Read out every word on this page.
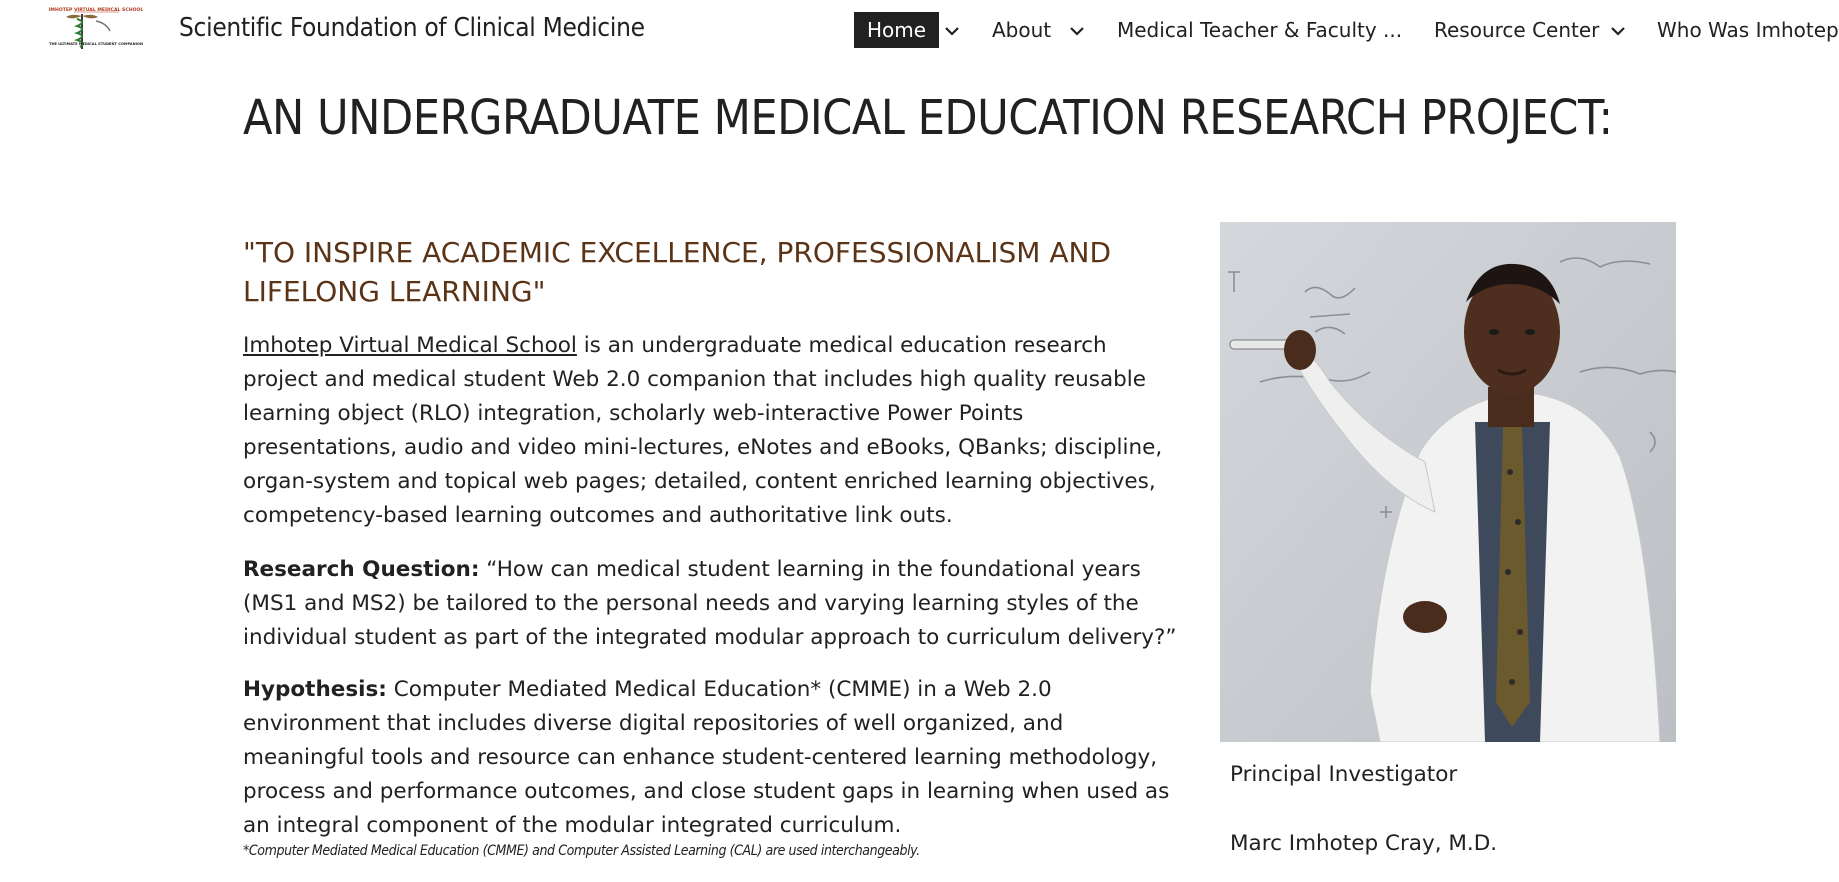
IMHOTEP VIRTUAL MEDICAL SCHOOL
THE ULTIMATE MEDICAL STUDENT COMPANION
Scientific Foundation of Clinical Medicine	Home	About	Medical Teacher & Faculty ... Resource Center	Who Was Imhotep
AN UNDERGRADUATE MEDICAL EDUCATION RESEARCH PROJECT:
"TO INSPIRE ACADEMIC EXCELLENCE, PROFESSIONALISM AND LIFELONG LEARNING"
Imhotep Virtual Medical School is an undergraduate medical education research project and medical student Web 2.0 companion that includes high quality reusable learning object (RLO) integration, scholarly web-interactive Power Points presentations, audio and video mini-lectures, eNotes and eBooks, QBanks; discipline, organ-system and topical web pages; detailed, content enriched learning objectives, competency-based learning outcomes and authoritative link outs.
Research Question: “How can medical student learning in the foundational years (MS1 and MS2) be tailored to the personal needs and varying learning styles of the individual student as part of the integrated modular approach to curriculum delivery?”
Hypothesis: Computer Mediated Medical Education* (CMME) in a Web 2.0 environment that includes diverse digital repositories of well organized, and meaningful tools and resource can enhance student-centered learning methodology, process and performance outcomes, and close student gaps in learning when used as an integral component of the modular integrated curriculum.
*Computer Mediated Medical Education (CMME) and Computer Assisted Learning (CAL) are used interchangeably.
Principal Investigator
Marc Imhotep Cray, M.D.
